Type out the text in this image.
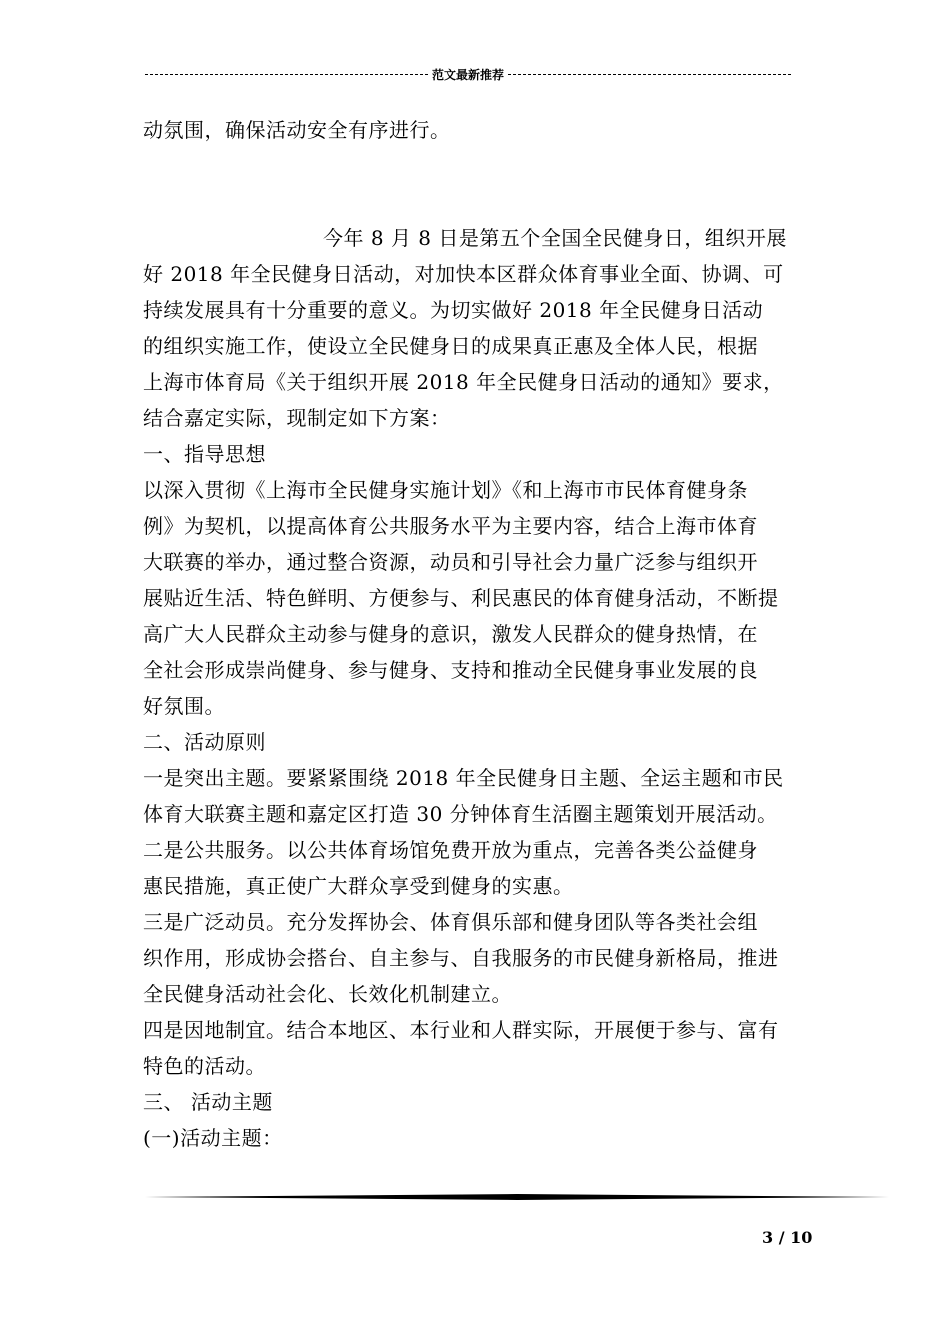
范文最新推荐
动氛围，确保活动安全有序进行。
今年 8 月 8 日是第五个全国全民健身日，组织开展
好 2018 年全民健身日活动，对加快本区群众体育事业全面、协调、可
持续发展具有十分重要的意义。为切实做好 2018 年全民健身日活动
的组织实施工作，使设立全民健身日的成果真正惠及全体人民，根据
上海市体育局《关于组织开展 2018 年全民健身日活动的通知》要求，
结合嘉定实际，现制定如下方案：
一、指导思想
以深入贯彻《上海市全民健身实施计划》《和上海市市民体育健身条
例》为契机，以提高体育公共服务水平为主要内容，结合上海市体育
大联赛的举办，通过整合资源，动员和引导社会力量广泛参与组织开
展贴近生活、特色鲜明、方便参与、利民惠民的体育健身活动，不断提
高广大人民群众主动参与健身的意识，激发人民群众的健身热情，在
全社会形成崇尚健身、参与健身、支持和推动全民健身事业发展的良
好氛围。
二、活动原则
一是突出主题。要紧紧围绕 2018 年全民健身日主题、全运主题和市民
体育大联赛主题和嘉定区打造 30 分钟体育生活圈主题策划开展活动。
二是公共服务。以公共体育场馆免费开放为重点，完善各类公益健身
惠民措施，真正使广大群众享受到健身的实惠。
三是广泛动员。充分发挥协会、体育俱乐部和健身团队等各类社会组
织作用，形成协会搭台、自主参与、自我服务的市民健身新格局，推进
全民健身活动社会化、长效化机制建立。
四是因地制宜。结合本地区、本行业和人群实际，开展便于参与、富有
特色的活动。
三、 活动主题
(一)活动主题：
3 / 10
